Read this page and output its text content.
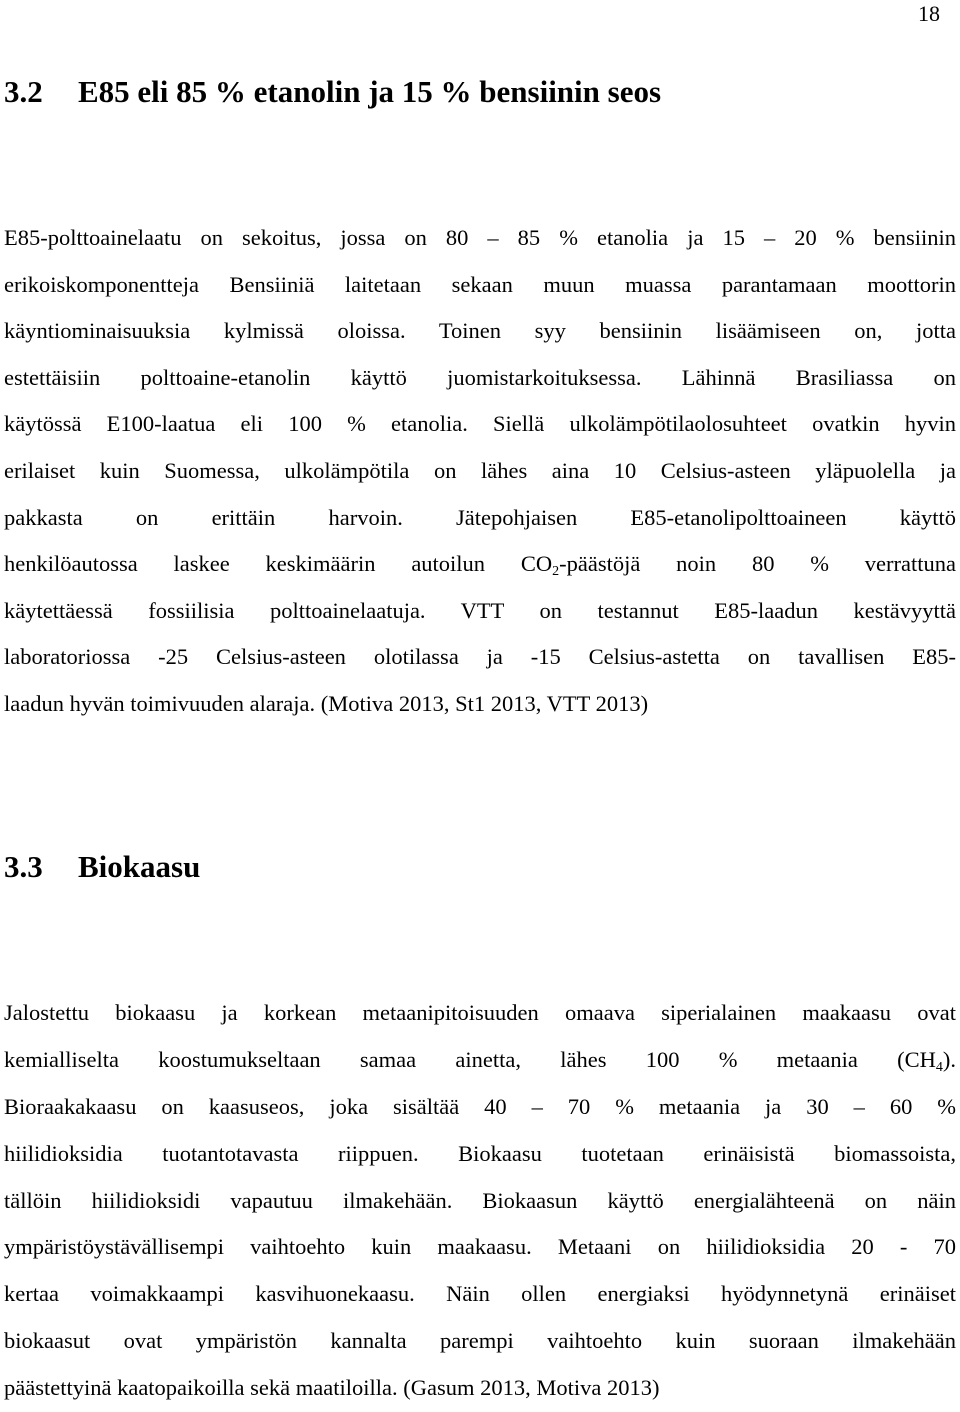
18
3.2 E85 eli 85 % etanolin ja 15 % bensiinin seos

E85-polttoainelaatu on sekoitus, jossa on 80 – 85 % etanolia ja 15 – 20 % bensiinin
erikoiskomponentteja Bensiiniä laitetaan sekaan muun muassa parantamaan moottorin
käyntiominaisuuksia kylmissä oloissa. Toinen syy bensiinin lisäämiseen on, jotta
estettäisiin polttoaine-etanolin käyttö juomistarkoituksessa. Lähinnä Brasiliassa on
käytössä E100-laatua eli 100 % etanolia. Siellä ulkolämpötilaolosuhteet ovatkin hyvin
erilaiset kuin Suomessa, ulkolämpötila on lähes aina 10 Celsius-asteen yläpuolella ja
pakkasta on erittäin harvoin. Jätepohjaisen E85-etanolipolttoaineen käyttö
henkilöautossa laskee keskimäärin autoilun $CO_2$-päästöjä noin 80 % verrattuna
käytettäessä fossiilisia polttoainelaatuja. VTT on testannut E85-laadun kestävyyttä
laboratoriossa -25 Celsius-asteen olotilassa ja -15 Celsius-astetta on tavallisen E85-
laadun hyvän toimivuuden alaraja. (Motiva 2013, St1 2013, VTT 2013)

3.3 Biokaasu

Jalostettu biokaasu ja korkean metaanipitoisuuden omaava siperialainen maakaasu ovat
kemialliselta koostumukseltaan samaa ainetta, lähes 100 % metaania $(CH_4)$.
Bioraakakaasu on kaasuseos, joka sisältää 40 – 70 % metaania ja 30 – 60 %
hiilidioksidia tuotantotavasta riippuen. Biokaasu tuotetaan erinäisistä biomassoista,
tällöin hiilidioksidi vapautuu ilmakehään. Biokaasun käyttö energialähteenä on näin
ympäristöystävällisempi vaihtoehto kuin maakaasu. Metaani on hiilidioksidia 20 - 70
kertaa voimakkaampi kasvihuonekaasu. Näin ollen energiaksi hyödynnetynä erinäiset
biokaasut ovat ympäristön kannalta parempi vaihtoehto kuin suoraan ilmakehään
päästettyinä kaatopaikoilla sekä maatiloilla. (Gasum 2013, Motiva 2013)
